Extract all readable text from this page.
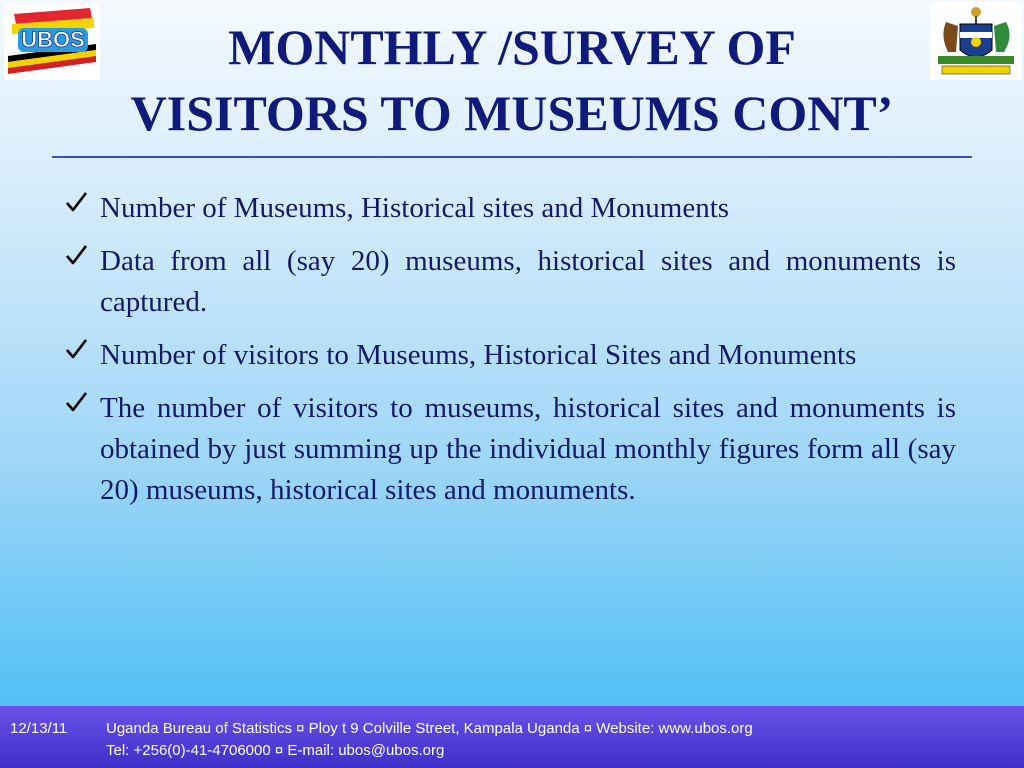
UBOS	MONTHLY /SURVEY OF
VISITORS TO MUSEUMS CONT’
Number of Museums, Historical sites and Monuments
Data from all (say 20) museums, historical sites and monuments is captured.
Number of visitors to Museums, Historical Sites and Monuments
The number of visitors to museums, historical sites and monuments is obtained by just summing up the individual monthly figures form all (say 20) museums, historical sites and monuments.
12/13/11	Uganda Bureau of Statistics ¤ Ploy t 9 Colville Street, Kampala Uganda ¤ Website: www.ubos.org
Tel: +256(0)-41-4706000 ¤ E-mail: ubos@ubos.org
